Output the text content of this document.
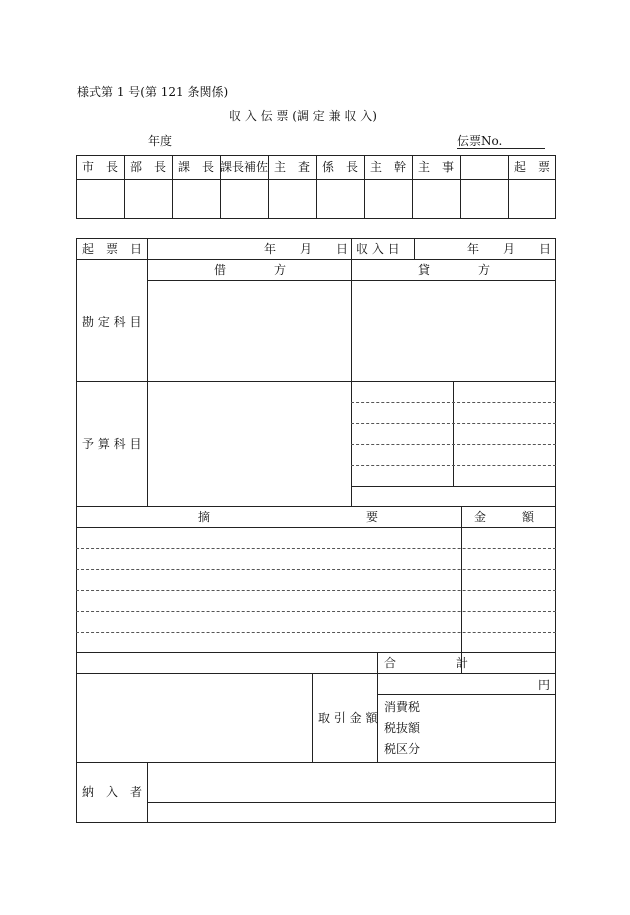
様式第 1 号(第 121 条関係)
収 入 伝 票 (調 定 兼 収 入)
年度	伝票No.
市　長 部　長 課　長 課長補佐 主　査 係　長 主　幹 主　事	起　票
起　票　日	年 月 日 収 入 日	年 月 日
借　　　　方	貸　　　　方
勘 定 科 目
予 算 科 目
摘　　　　　　　　　　　　　要	金　　　額
合　　　　　計
取 引 金 額
円
消費税
税抜額
税区分
納　入　者
